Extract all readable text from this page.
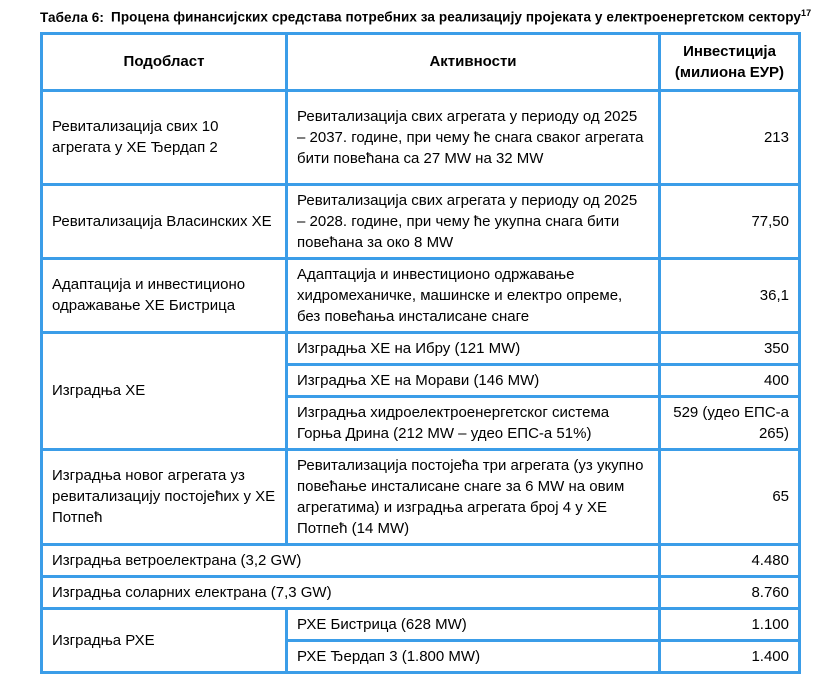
Табела 6: Процена финансијских средстава потребних за реализацију пројеката у електроенергетском сектору$^{17}$

Подобласт	Активности	Инвестиција (милиона ЕУР)
Ревитализација свих 10 агрегата у ХЕ Ђердап 2	Ревитализација свих агрегата у периоду од 2025 – 2037. године, при чему ће снага сваког агрегата бити повећана са 27 MW на 32 MW	213
Ревитализација Власинских ХЕ	Ревитализација свих агрегата у периоду од 2025 – 2028. године, при чему ће укупна снага бити повећана за око 8 MW	77,50
Адаптација и инвестиционо одражавање ХЕ Бистрица	Адаптација и инвестиционо одржавање хидромеханичке, машинске и електро опреме, без повећања инсталисане снаге	36,1
Изградња ХЕ	Изградња ХЕ на Ибру (121 MW)	350
	Изградња ХЕ на Морави (146 MW)	400
	Изградња хидроелектроенергетског система Горња Дрина (212 MW – удео ЕПС-а 51%)	529 (удео ЕПС-а 265)
Изградња новог агрегата уз ревитализацију постојећих у ХЕ Потпећ	Ревитализација постојећа три агрегата (уз укупно повећање инсталисане снаге за 6 MW на овим агрегатима) и изградња агрегата број 4 у ХЕ Потпећ (14 MW)	65
Изградња ветроелектрана (3,2 GW)		4.480
Изградња соларних електрана (7,3 GW)		8.760
Изградња РХЕ	РХЕ Бистрица (628 MW)	1.100
	РХЕ Ђердап 3 (1.800 MW)	1.400
